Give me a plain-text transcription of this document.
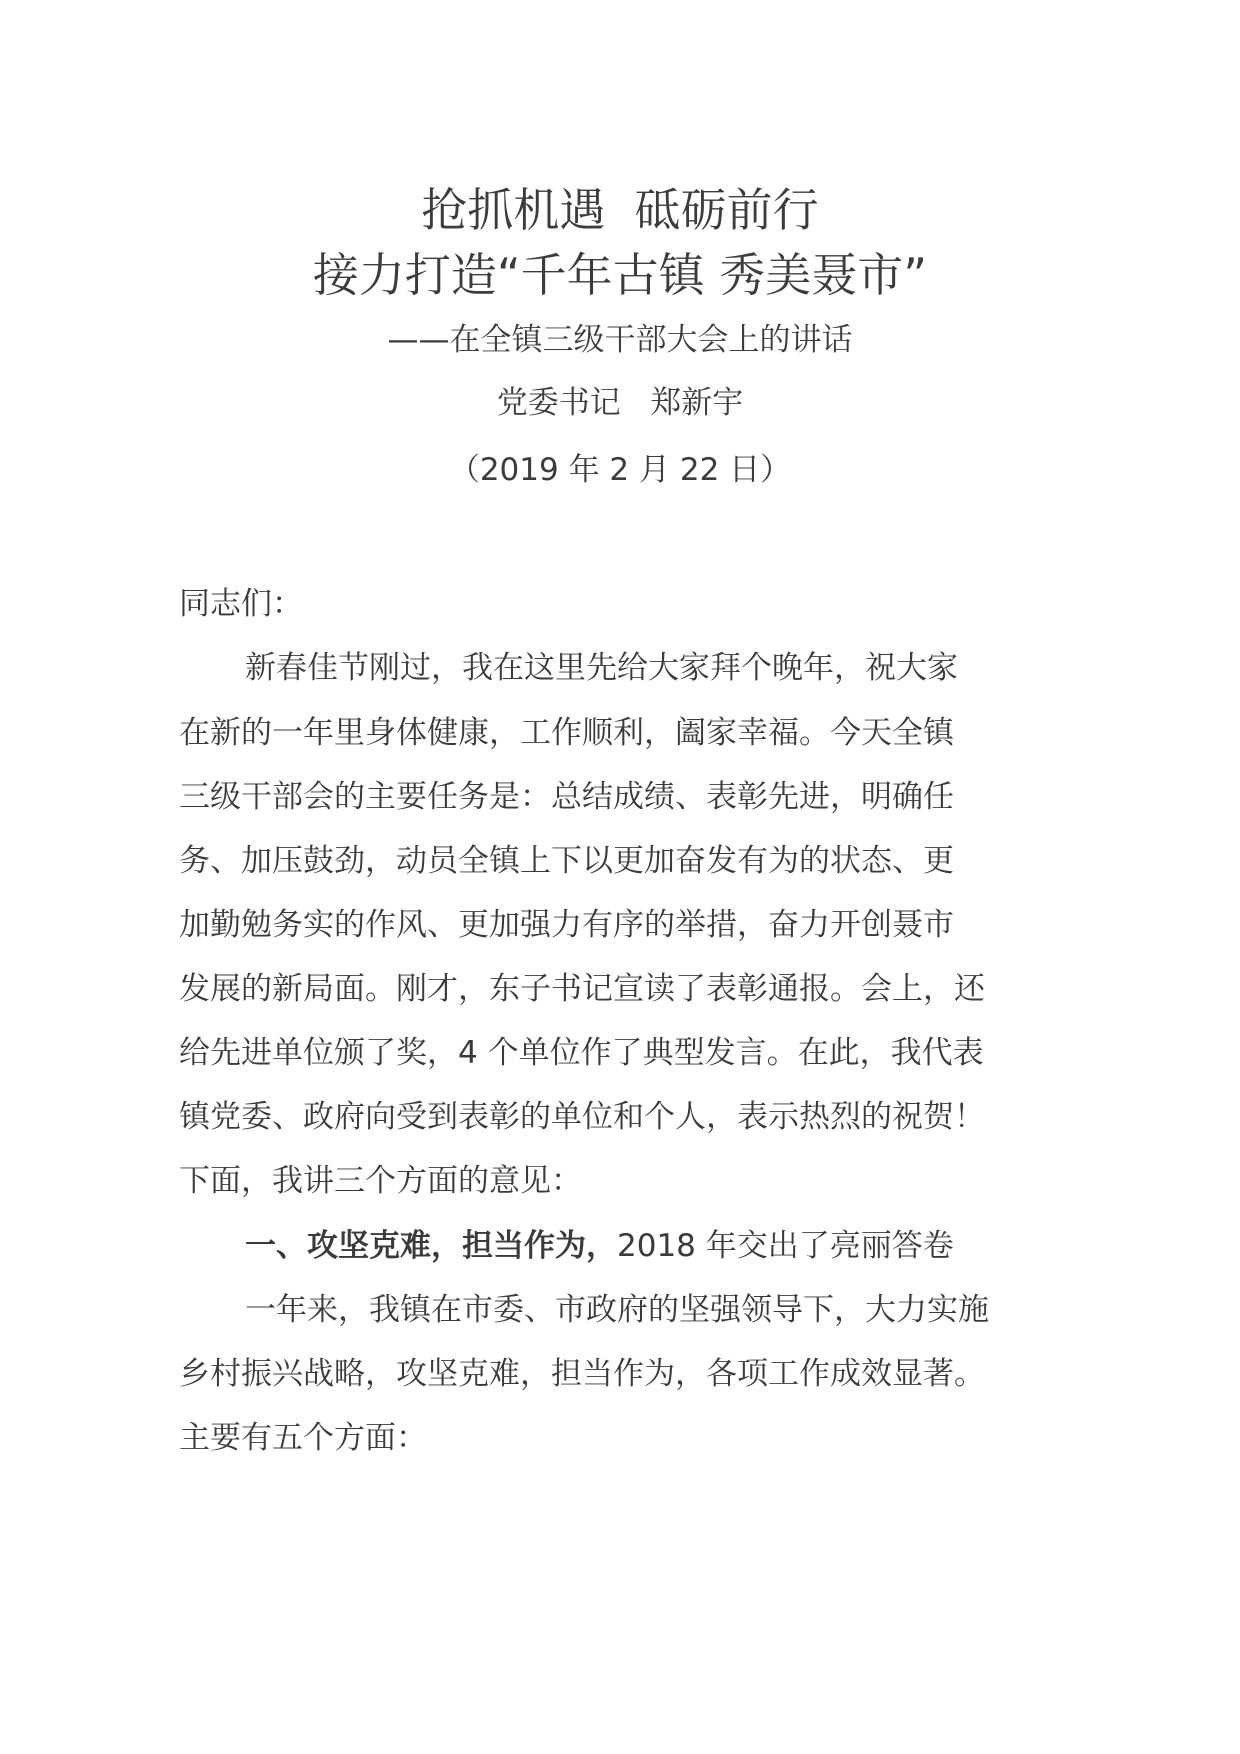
抢抓机遇  砥砺前行
接力打造“千年古镇 秀美聂市”
——在全镇三级干部大会上的讲话
党委书记   郑新宇
（2019 年 2 月 22 日）
同志们：
新春佳节刚过，我在这里先给大家拜个晚年，祝大家
在新的一年里身体健康，工作顺利，阖家幸福。今天全镇
三级干部会的主要任务是：总结成绩、表彰先进，明确任
务、加压鼓劲，动员全镇上下以更加奋发有为的状态、更
加勤勉务实的作风、更加强力有序的举措，奋力开创聂市
发展的新局面。刚才，东子书记宣读了表彰通报。会上，还
给先进单位颁了奖，4 个单位作了典型发言。在此，我代表
镇党委、政府向受到表彰的单位和个人，表示热烈的祝贺！
下面，我讲三个方面的意见：
一、攻坚克难，担当作为，2018 年交出了亮丽答卷
一年来，我镇在市委、市政府的坚强领导下，大力实施
乡村振兴战略，攻坚克难，担当作为，各项工作成效显著。
主要有五个方面：
